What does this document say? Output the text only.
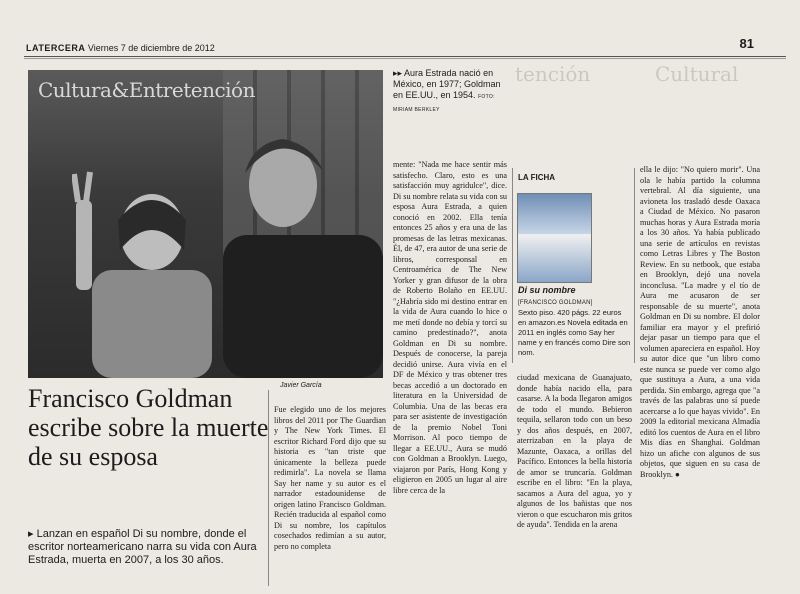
LATERCERA Viernes 7 de diciembre de 2012	81
Cultura&Entretención
Javier García
▸▸ Aura Estrada nació en México, en 1977; Goldman en EE.UU., en 1954. FOTO: MIRIAM BERKLEY
Cultural
tención
Francisco Goldman escribe sobre la muerte de su esposa
▸ Lanzan en español Di su nombre, donde el escritor norteamericano narra su vida con Aura Estrada, muerta en 2007, a los 30 años.

Fue elegido uno de los mejores libros del 2011 por The Guardian y The New York Times. El escritor Richard Ford dijo que su historia es "tan triste que únicamente la belleza puede redimirla". La novela se llama Say her name y su autor es el narrador estadounidense de origen latino Francisco Goldman. Recién traducida al español como Di su nombre, los capítulos cosechados redimían a su autor, pero no completa

mente: "Nada me hace sentir más satisfecho. Claro, esto es una satisfacción muy agridulce", dice. Di su nombre relata su vida con su esposa Aura Estrada, a quien conoció en 2002. Ella tenía entonces 25 años y era una de las promesas de las letras mexicanas. Él, de 47, era autor de una serie de libros, corresponsal en Centroamérica de The New Yorker y gran difusor de la obra de Roberto Bolaño en EE.UU. "¿Habría sido mi destino entrar en la vida de Aura cuando lo hice o me metí donde no debía y torcí su camino predestinado?", anota Goldman en Di su nombre. Después de conocerse, la pareja decidió unirse. Aura vivía en el DF de México y tras obtener tres becas accedió a un doctorado en literatura en la Universidad de Columbia. Una de las becas era para ser asistente de investigación de la premio Nobel Toni Morrison. Al poco tiempo de llegar a EE.UU., Aura se mudó con Goldman a Brooklyn. Luego, viajaron por París, Hong Kong y eligieron en 2005 un lugar al aire libre cerca de la

ciudad mexicana de Guanajuato, donde había nacido ella, para casarse. A la boda llegaron amigos de todo el mundo. Bebieron tequila, sellaron todo con un beso y dos años después, en 2007, aterrizaban en la playa de Mazunte, Oaxaca, a orillas del Pacífico. Entonces la bella historia de amor se truncaría. Goldman escribe en el libro: "En la playa, sacamos a Aura del agua, yo y algunos de los bañistas que nos vieron o que escucharon mis gritos de ayuda". Tendida en la arena

ella le dijo: "No quiero morir". Una ola le había partido la columna vertebral. Al día siguiente, una avioneta los trasladó desde Oaxaca a Ciudad de México. No pasaron muchas horas y Aura Estrada moría a los 30 años. Ya había publicado una serie de artículos en revistas como Letras Libres y The Boston Review. En su netbook, que estaba en Brooklyn, dejó una novela inconclusa. "La madre y el tío de Aura me acusaron de ser responsable de su muerte", anota Goldman en Di su nombre. El dolor familiar era mayor y el prefirió dejar pasar un tiempo para que el volumen apareciera en español. Hoy su autor dice que "un libro como este nunca se puede ver como algo que sustituya a Aura, a una vida perdida. Sin embargo, agrega que "a través de las palabras uno sí puede acercarse a lo que hayas vivido". En 2009 la editorial mexicana Almadía editó los cuentos de Aura en el libro Mis días en Shanghai. Goldman hizo un afiche con algunos de sus objetos, que siguen en su casa de Brooklyn. ●

LA FICHA
Di su nombre
[FRANCISCO GOLDMAN]
Sexto piso. 420 págs. 22 euros en amazon.es Novela editada en 2011 en inglés como Say her name y en francés como Dire son nom.
